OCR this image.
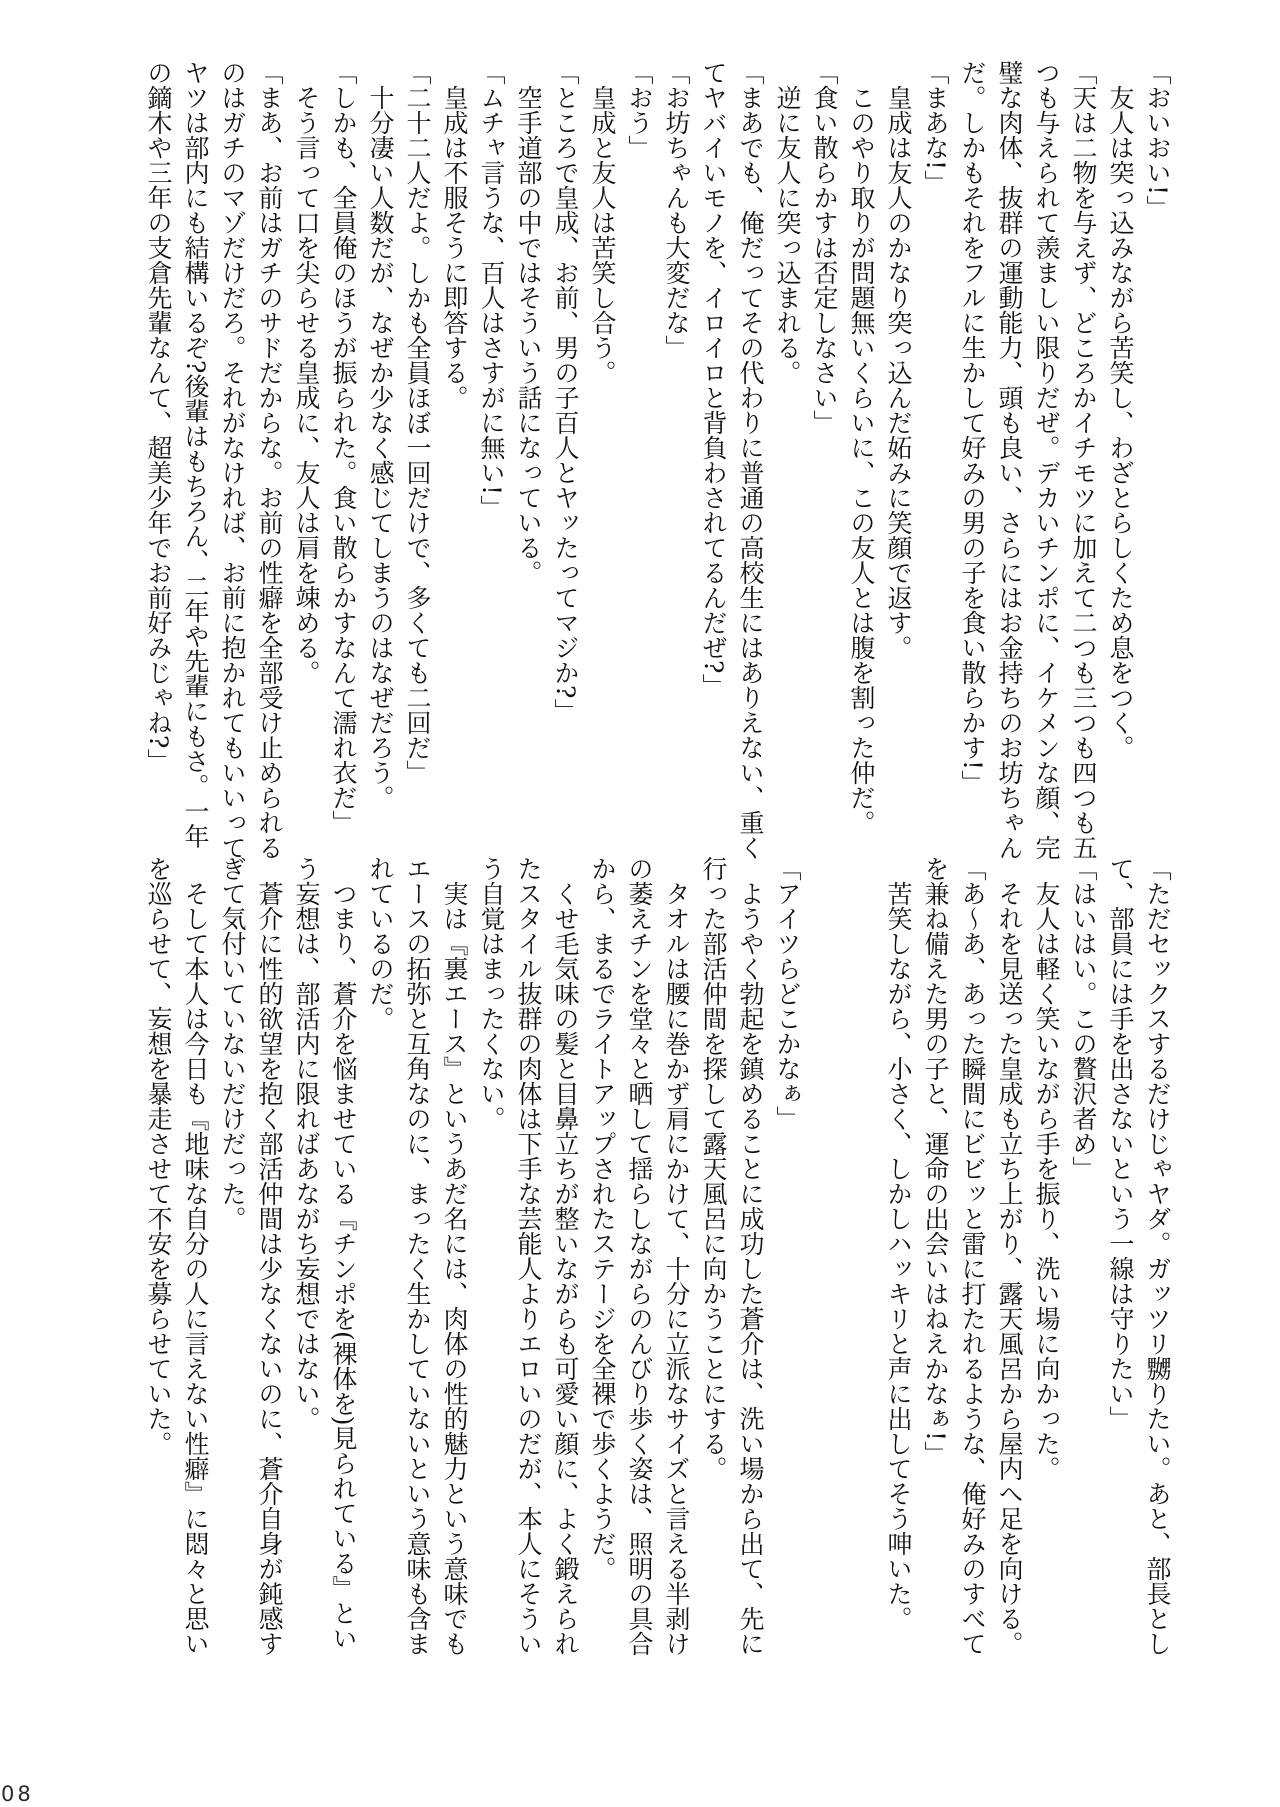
「おいおい!」

友人は突っ込みながら苦笑し、わざとらしくため息をつく。

「天は二物を与えず、どころかイチモツに加えて二つも三つも四つも五つも与えられて羨ましい限りだぜ。デカいチンポに、イケメンな顔、完璧な肉体、抜群の運動能力、頭も良い、さらにはお金持ちのお坊ちゃんだ。しかもそれをフルに生かして好みの男の子を食い散らかす!」

「まあな!」

皇成は友人のかなり突っ込んだ妬みに笑顔で返す。

このやり取りが問題無いくらいに、この友人とは腹を割った仲だ。

「食い散らかすは否定しなさい」

逆に友人に突っ込まれる。

「まあでも、俺だってその代わりに普通の高校生にはありえない、重くてヤバイいモノを、イロイロと背負わされてるんだぜ?」

「お坊ちゃんも大変だな」

「おう」

皇成と友人は苦笑し合う。

「ところで皇成、お前、男の子百人とヤッたってマジか?」

空手道部の中ではそういう話になっている。

「ムチャ言うな、百人はさすがに無い!」

皇成は不服そうに即答する。

「二十二人だよ。しかも全員ほぼ一回だけで、多くても二回だ」

十分凄い人数だが、なぜか少なく感じてしまうのはなぜだろう。

「しかも、全員俺のほうが振られた。食い散らかすなんて濡れ衣だ」

そう言って口を尖らせる皇成に、友人は肩を竦める。

「まあ、お前はガチのサドだからな。お前の性癖を全部受け止められるのはガチのマゾだけだろ。それがなければ、お前に抱かれてもいいってヤツは部内にも結構いるぞ?後輩はもちろん、二年や先輩にもさ。一年の鏑木や三年の支倉先輩なんて、超美少年でお前好みじゃね?」

「ただセックスするだけじゃヤダ。ガッツリ嬲りたい。あと、部長として、部員には手を出さないという一線は守りたい」

「はいはい。この贅沢者め」

友人は軽く笑いながら手を振り、洗い場に向かった。

それを見送った皇成も立ち上がり、露天風呂から屋内へ足を向ける。

「あ〜あ、あった瞬間にビビッと雷に打たれるような、俺好みのすべてを兼ね備えた男の子と、運命の出会いはねえかなぁ!」

苦笑しながら、小さく、しかしハッキリと声に出してそう呻いた。

「アイツらどこかなぁ」

ようやく勃起を鎮めることに成功した蒼介は、洗い場から出て、先に行った部活仲間を探して露天風呂に向かうことにする。

タオルは腰に巻かず肩にかけて、十分に立派なサイズと言える半剥けの萎えチンを堂々と晒して揺らしながらのんびり歩く姿は、照明の具合から、まるでライトアップされたステージを全裸で歩くようだ。

くせ毛気味の髪と目鼻立ちが整いながらも可愛い顔に、よく鍛えられたスタイル抜群の肉体は下手な芸能人よりエロいのだが、本人にそういう自覚はまったくない。

実は『裏エース』というあだ名には、肉体の性的魅力という意味でもエースの拓弥と互角なのに、まったく生かしていないという意味も含まれているのだ。

つまり、蒼介を悩ませている『チンポを(裸体を)見られている』という妄想は、部活内に限ればあながち妄想ではない。

蒼介に性的欲望を抱く部活仲間は少なくないのに、蒼介自身が鈍感すぎて気付いていないだけだった。

そして本人は今日も『地味な自分の人に言えない性癖』に悶々と思いを巡らせて、妄想を暴走させて不安を募らせていた。

08
